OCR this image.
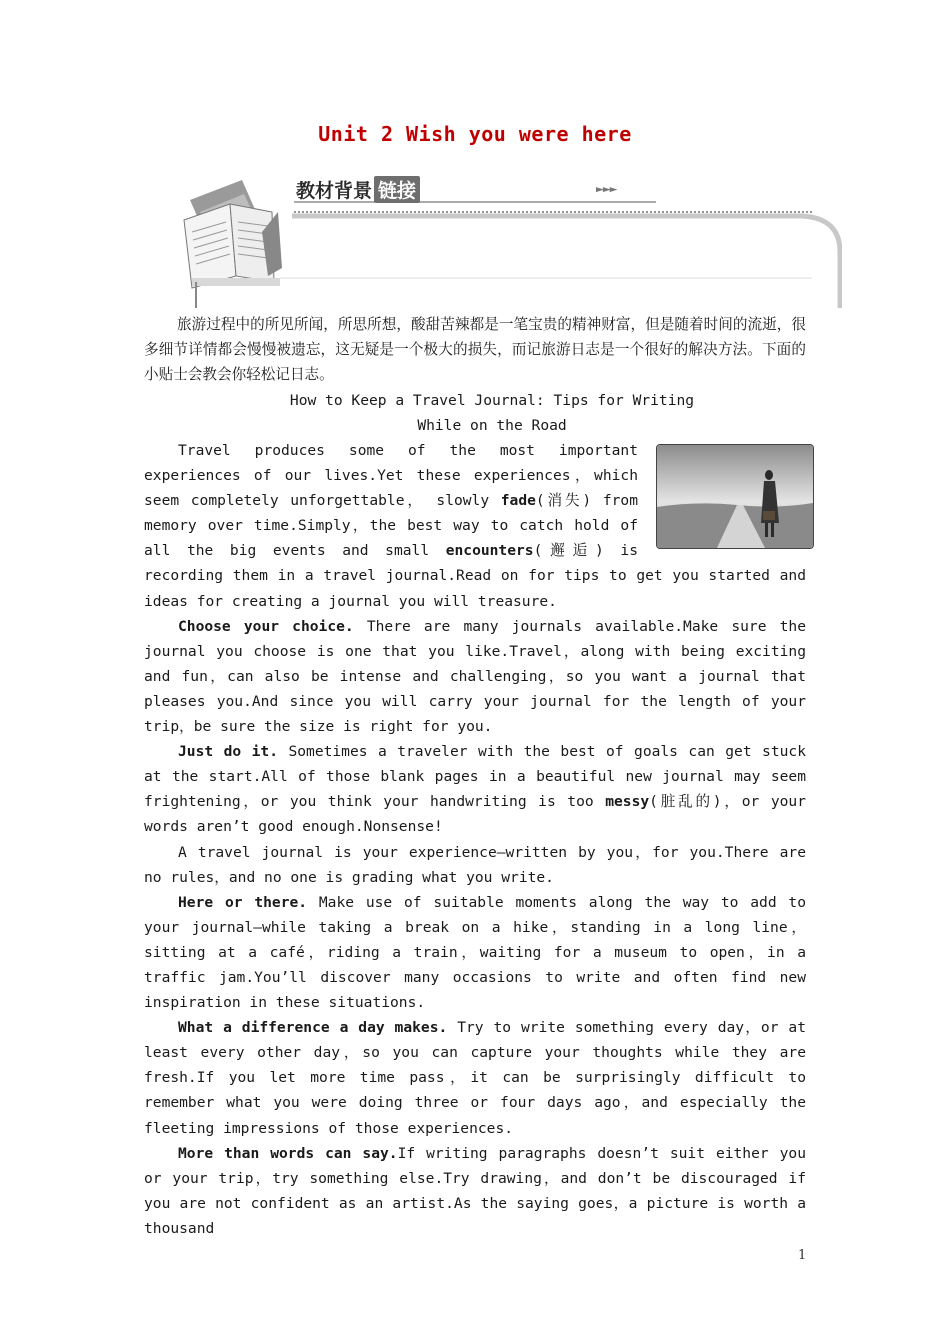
Unit 2 Wish you were here
教材背景 链接	►►►

旅游过程中的所见所闻，所思所想，酸甜苦辣都是一笔宝贵的精神财富，但是随着时间的流逝，很多细节详情都会慢慢被遗忘，这无疑是一个极大的损失，而记旅游日志是一个很好的解决方法。下面的小贴士会教会你轻松记日志。

How to Keep a Travel Journal: Tips for Writing
While on the Road

Travel produces some of the most important experiences of our lives.Yet these experiences，which seem completely unforgettable， slowly fade(消失) from memory over time.Simply，the best way to catch hold of all the big events and small encounters(邂逅) is recording them in a travel journal.Read on for tips to get you started and ideas for creating a journal you will treasure.

Choose your choice. There are many journals available.Make sure the journal you choose is one that you like.Travel，along with being exciting and fun，can also be intense and challenging，so you want a journal that pleases you.And since you will carry your journal for the length of your trip，be sure the size is right for you.

Just do it. Sometimes a traveler with the best of goals can get stuck at the start.All of those blank pages in a beautiful new journal may seem frightening，or you think your handwriting is too messy(脏乱的)，or your words aren’t good enough.Nonsense!

A travel journal is your experience—written by you，for you.There are no rules，and no one is grading what you write.

Here or there. Make use of suitable moments along the way to add to your journal—while taking a break on a hike，standing in a long line，sitting at a café，riding a train，waiting for a museum to open，in a traffic jam.You’ll discover many occasions to write and often find new inspiration in these situations.

What a difference a day makes. Try to write something every day，or at least every other day，so you can capture your thoughts while they are fresh.If you let more time pass，it can be surprisingly difficult to remember what you were doing three or four days ago，and especially the fleeting impressions of those experiences.

More than words can say.If writing paragraphs doesn’t suit either you or your trip，try something else.Try drawing，and don’t be discouraged if you are not confident as an artist.As the saying goes，a picture is worth a thousand

1
